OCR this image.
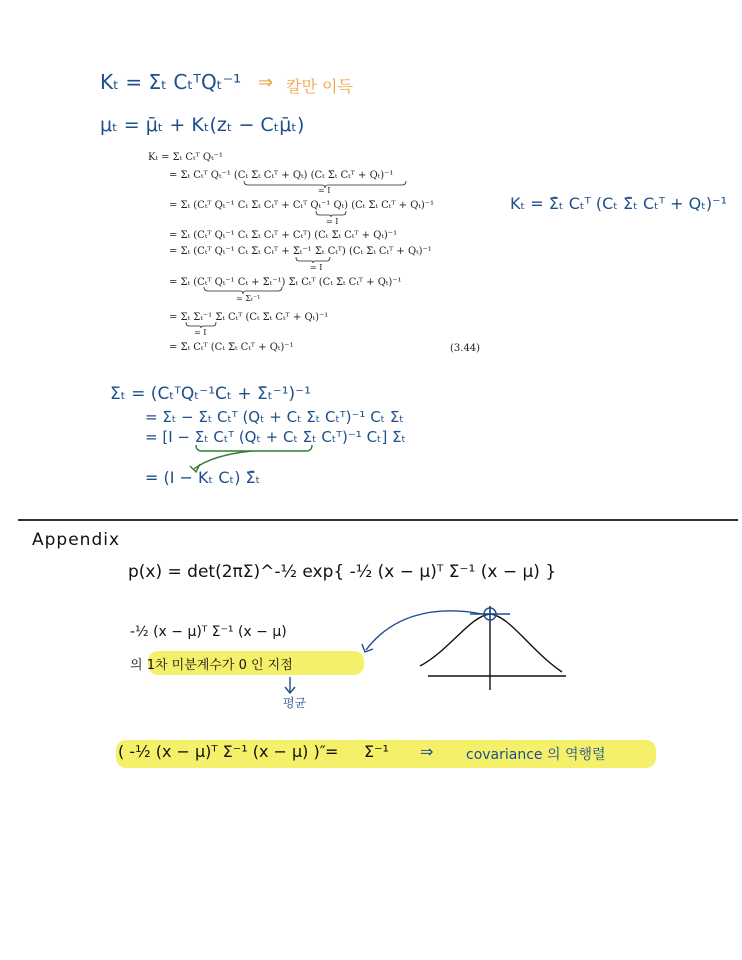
Kₜ = Σₜ CₜᵀQₜ⁻¹ ⇒ 칼만 이득
μₜ = μ̄ₜ + Kₜ(zₜ − Cₜμ̄ₜ)
Kₜ = Σₜ Cₜᵀ Qₜ⁻¹
= Σₜ Cₜᵀ Qₜ⁻¹ (Cₜ Σ̄ₜ Cₜᵀ + Qₜ) (Cₜ Σ̄ₜ Cₜᵀ + Qₜ)⁻¹
= I
= Σₜ (Cₜᵀ Qₜ⁻¹ Cₜ Σ̄ₜ Cₜᵀ + Cₜᵀ Qₜ⁻¹ Qₜ) (Cₜ Σ̄ₜ Cₜᵀ + Qₜ)⁻¹
= I
= Σₜ (Cₜᵀ Qₜ⁻¹ Cₜ Σ̄ₜ Cₜᵀ + Cₜᵀ) (Cₜ Σ̄ₜ Cₜᵀ + Qₜ)⁻¹
= Σₜ (Cₜᵀ Qₜ⁻¹ Cₜ Σ̄ₜ Cₜᵀ + Σ̄ₜ⁻¹ Σ̄ₜ Cₜᵀ) (Cₜ Σ̄ₜ Cₜᵀ + Qₜ)⁻¹
= I
= Σₜ (Cₜᵀ Qₜ⁻¹ Cₜ + Σ̄ₜ⁻¹) Σ̄ₜ Cₜᵀ (Cₜ Σ̄ₜ Cₜᵀ + Qₜ)⁻¹
= Σₜ⁻¹
= Σₜ Σₜ⁻¹ Σ̄ₜ Cₜᵀ (Cₜ Σ̄ₜ Cₜᵀ + Qₜ)⁻¹
= I
= Σ̄ₜ Cₜᵀ (Cₜ Σ̄ₜ Cₜᵀ + Qₜ)⁻¹	(3.44)
Kₜ = Σ̄ₜ Cₜᵀ (Cₜ Σ̄ₜ Cₜᵀ + Qₜ)⁻¹
Σₜ = (CₜᵀQₜ⁻¹Cₜ + Σ̄ₜ⁻¹)⁻¹
= Σ̄ₜ − Σ̄ₜ Cₜᵀ (Qₜ + Cₜ Σ̄ₜ Cₜᵀ)⁻¹ Cₜ Σ̄ₜ
= [I − Σ̄ₜ Cₜᵀ (Qₜ + Cₜ Σ̄ₜ Cₜᵀ)⁻¹ Cₜ] Σ̄ₜ
= (I − Kₜ Cₜ) Σ̄ₜ
Appendix
p(x) = det(2πΣ)^-½ exp{ -½ (x − μ)ᵀ Σ⁻¹ (x − μ) }
-½ (x − μ)ᵀ Σ⁻¹ (x − μ)
의 1차 미분계수가 0 인 지점
평균
( -½ (x − μ)ᵀ Σ⁻¹ (x − μ) )″ = Σ⁻¹ ⇒ covariance 의 역행렬
